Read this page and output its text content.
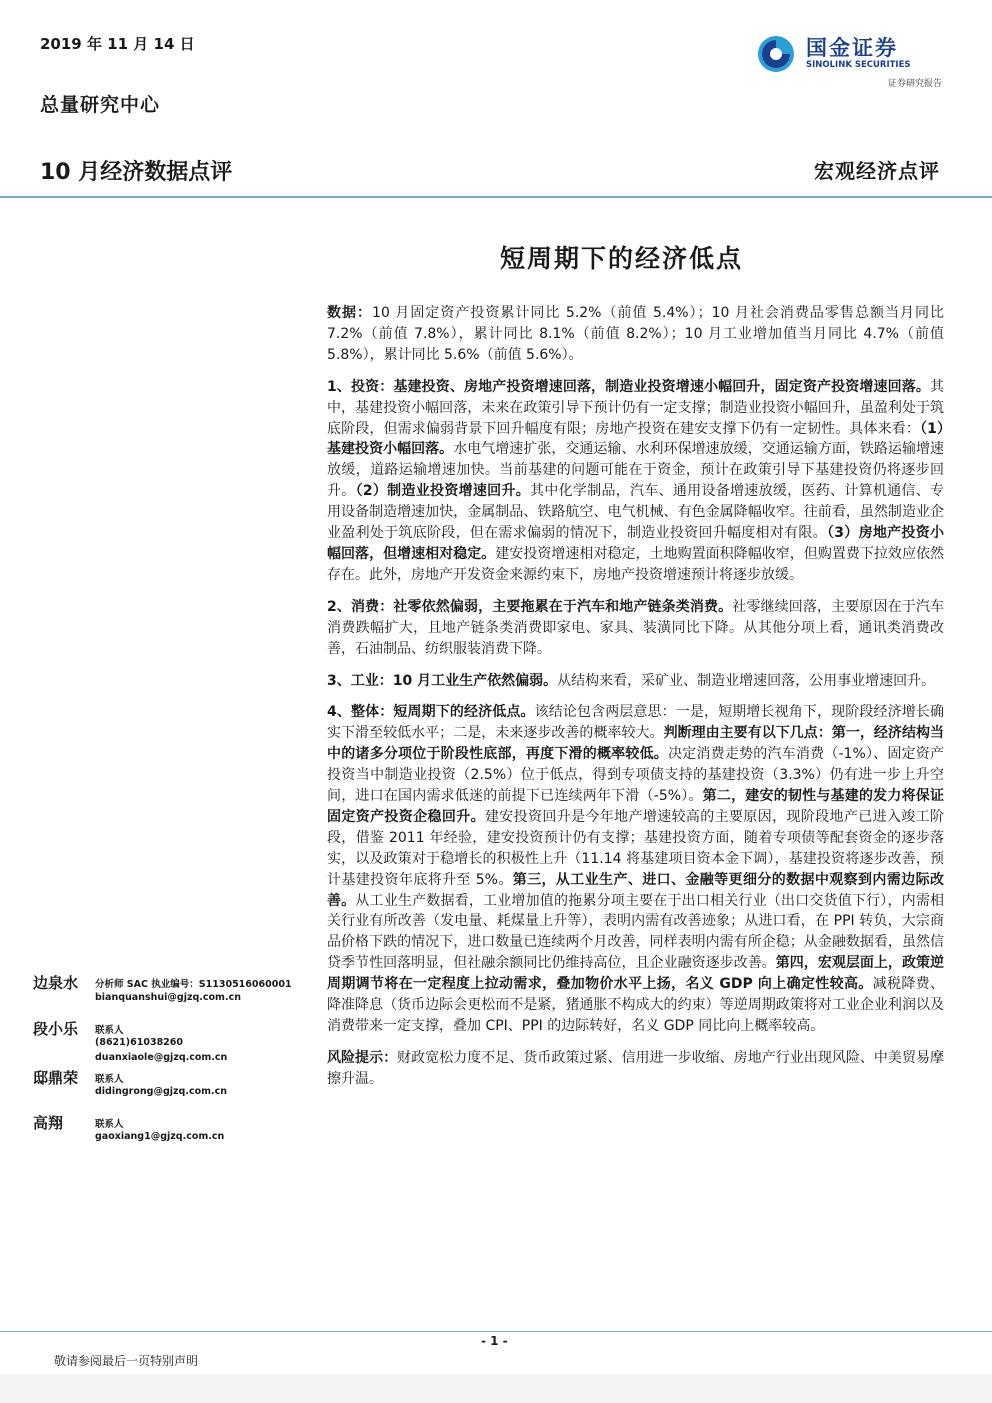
2019 年 11 月 14 日
总量研究中心
国金证券
SINOLINK SECURITIES
证券研究报告
10 月经济数据点评	宏观经济点评
短周期下的经济低点

数据：10 月固定资产投资累计同比 5.2%（前值 5.4%）；10 月社会消费品零售总额当月同比 7.2%（前值 7.8%），累计同比 8.1%（前值 8.2%）；10 月工业增加值当月同比 4.7%（前值 5.8%），累计同比 5.6%（前值 5.6%）。

1、投资：基建投资、房地产投资增速回落，制造业投资增速小幅回升，固定资产投资增速回落。其中，基建投资小幅回落，未来在政策引导下预计仍有一定支撑；制造业投资小幅回升，虽盈利处于筑底阶段，但需求偏弱背景下回升幅度有限；房地产投资在建安支撑下仍有一定韧性。具体来看：（1）基建投资小幅回落。水电气增速扩张，交通运输、水利环保增速放缓，交通运输方面，铁路运输增速放缓，道路运输增速加快。当前基建的问题可能在于资金，预计在政策引导下基建投资仍将逐步回升。（2）制造业投资增速回升。其中化学制品，汽车、通用设备增速放缓，医药、计算机通信、专用设备制造增速加快，金属制品、铁路航空、电气机械、有色金属降幅收窄。往前看，虽然制造业企业盈利处于筑底阶段，但在需求偏弱的情况下，制造业投资回升幅度相对有限。（3）房地产投资小幅回落，但增速相对稳定。建安投资增速相对稳定，土地购置面积降幅收窄，但购置费下拉效应依然存在。此外，房地产开发资金来源约束下，房地产投资增速预计将逐步放缓。

2、消费：社零依然偏弱，主要拖累在于汽车和地产链条类消费。社零继续回落，主要原因在于汽车消费跌幅扩大，且地产链条类消费即家电、家具、装潢同比下降。从其他分项上看，通讯类消费改善，石油制品、纺织服装消费下降。

3、工业：10 月工业生产依然偏弱。从结构来看，采矿业、制造业增速回落，公用事业增速回升。

4、整体：短周期下的经济低点。该结论包含两层意思：一是，短期增长视角下，现阶段经济增长确实下滑至较低水平；二是，未来逐步改善的概率较大。判断理由主要有以下几点：第一，经济结构当中的诸多分项位于阶段性底部，再度下滑的概率较低。决定消费走势的汽车消费（-1%）、固定资产投资当中制造业投资（2.5%）位于低点，得到专项债支持的基建投资（3.3%）仍有进一步上升空间，进口在国内需求低迷的前提下已连续两年下滑（-5%）。第二，建安的韧性与基建的发力将保证固定资产投资企稳回升。建安投资回升是今年地产增速较高的主要原因，现阶段地产已进入竣工阶段，借鉴 2011 年经验，建安投资预计仍有支撑；基建投资方面，随着专项债等配套资金的逐步落实，以及政策对于稳增长的积极性上升（11.14 将基建项目资本金下调），基建投资将逐步改善，预计基建投资年底将升至 5%。第三，从工业生产、进口、金融等更细分的数据中观察到内需边际改善。从工业生产数据看，工业增加值的拖累分项主要在于出口相关行业（出口交货值下行），内需相关行业有所改善（发电量、耗煤量上升等），表明内需有改善迹象；从进口看，在 PPI 转负，大宗商品价格下跌的情况下，进口数量已连续两个月改善，同样表明内需有所企稳；从金融数据看，虽然信贷季节性回落明显，但社融余额同比仍维持高位，且企业融资逐步改善。第四，宏观层面上，政策逆周期调节将在一定程度上拉动需求，叠加物价水平上扬，名义 GDP 向上确定性较高。减税降费、降准降息（货币边际会更松而不是紧，猪通胀不构成大的约束）等逆周期政策将对工业企业利润以及消费带来一定支撑，叠加 CPI、PPI 的边际转好，名义 GDP 同比向上概率较高。

风险提示：财政宽松力度不足、货币政策过紧、信用进一步收缩、房地产行业出现风险、中美贸易摩擦升温。

边泉水 分析师 SAC 执业编号：S1130516060001
bianquanshui@gjzq.com.cn
段小乐 联系人
(8621)61038260
duanxiaole@gjzq.com.cn
邸鼎荣 联系人
didingrong@gjzq.com.cn
高翔	联系人
gaoxiang1@gjzq.com.cn
- 1 -
敬请参阅最后一页特别声明
